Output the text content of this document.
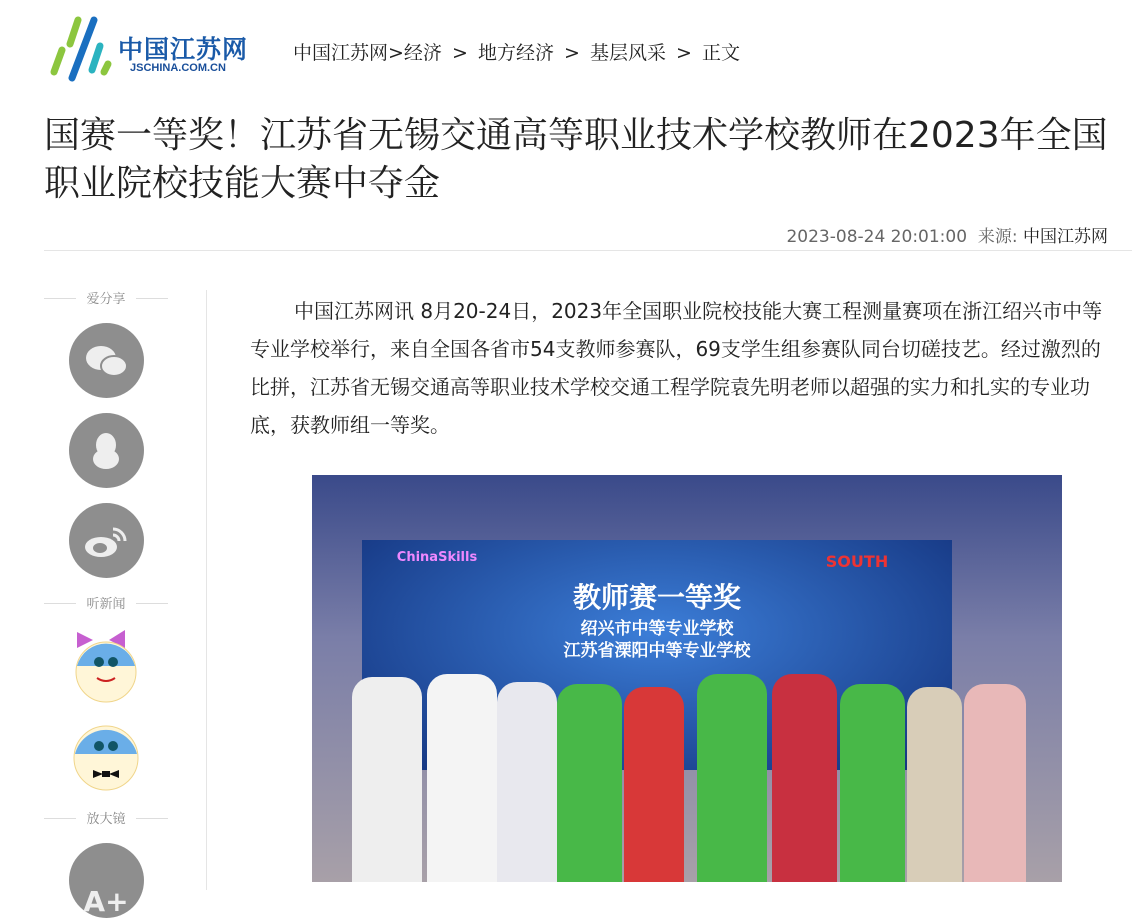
中国江苏网
JSCHINA.COM.CN
中国江苏网>经济 > 地方经济 > 基层风采 > 正文
国赛一等奖！江苏省无锡交通高等职业技术学校教师在2023年全国职业院校技能大赛中夺金
2023-08-24 20:01:00 来源: 中国江苏网
爱分享
听新闻
放大镜
A+

中国江苏网讯 8月20-24日，2023年全国职业院校技能大赛工程测量赛项在浙江绍兴市中等专业学校举行，来自全国各省市54支教师参赛队，69支学生组参赛队同台切磋技艺。经过激烈的比拼，江苏省无锡交通高等职业技术学校交通工程学院袁先明老师以超强的实力和扎实的专业功底，获教师组一等奖。

ChinaSkills	SOUTH
教师赛一等奖
绍兴市中等专业学校
江苏省溧阳中等专业学校
